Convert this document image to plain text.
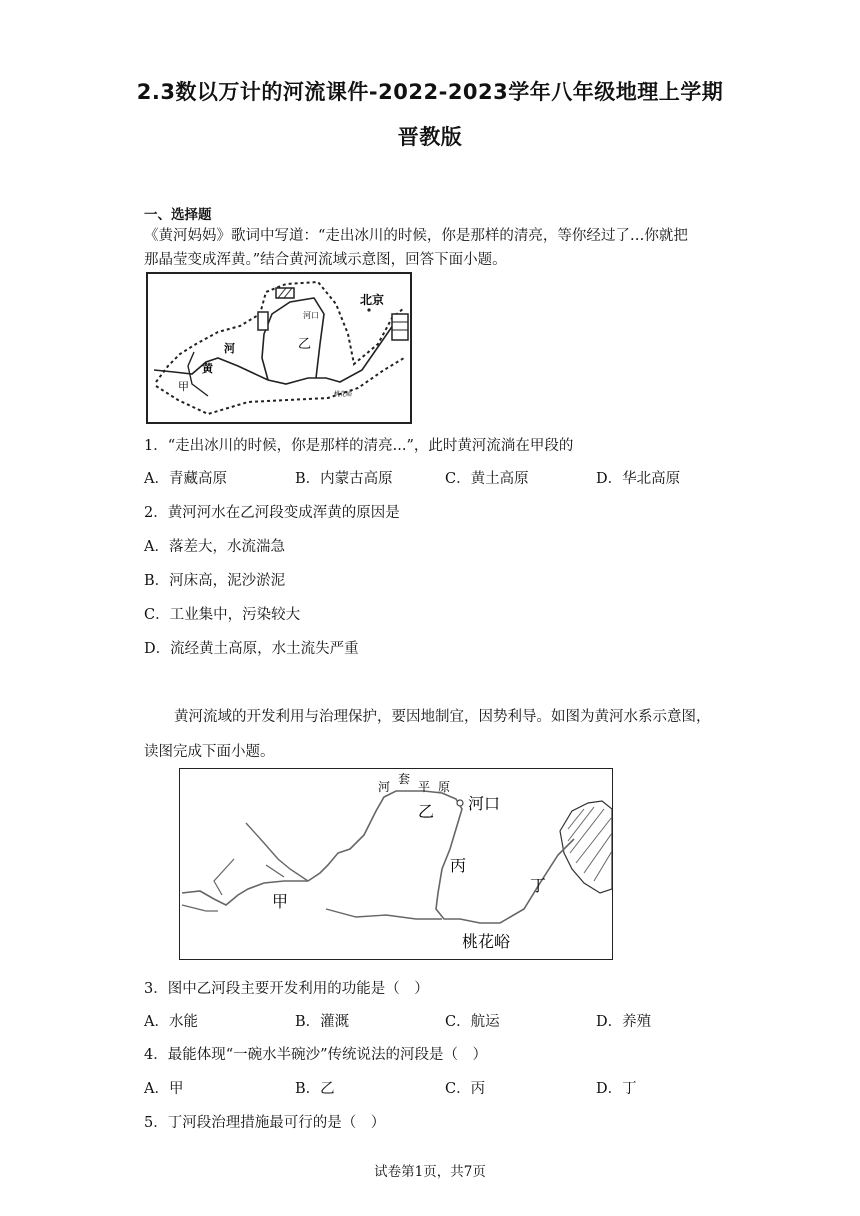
2.3数以万计的河流课件-2022-2023学年八年级地理上学期
晋教版
一、选择题
《黄河妈妈》歌词中写道：“走出冰川的时候，你是那样的清亮，等你经过了…你就把
那晶莹变成浑黄。”结合黄河流域示意图，回答下面小题。
北京
河口
河
黄
甲
乙
桃花峪
1．“走出冰川的时候，你是那样的清亮...”，此时黄河流淌在甲段的
A．青藏高原	B．内蒙古高原	C．黄土高原	D．华北高原
2．黄河河水在乙河段变成浑黄的原因是
A．落差大，水流湍急
B．河床高，泥沙淤泥
C．工业集中，污染较大
D．流经黄土高原，水土流失严重
黄河流域的开发利用与治理保护，要因地制宜，因势利导。如图为黄河水系示意图，
读图完成下面小题。
河
套
平 原
河口
乙
丙
丁
甲
桃花峪
3．图中乙河段主要开发利用的功能是（　）
A．水能	B．灌溉	C．航运	D．养殖
4．最能体现“一碗水半碗沙”传统说法的河段是（　）
A．甲	B．乙	C．丙	D．丁
5．丁河段治理措施最可行的是（　）
试卷第1页，共7页
